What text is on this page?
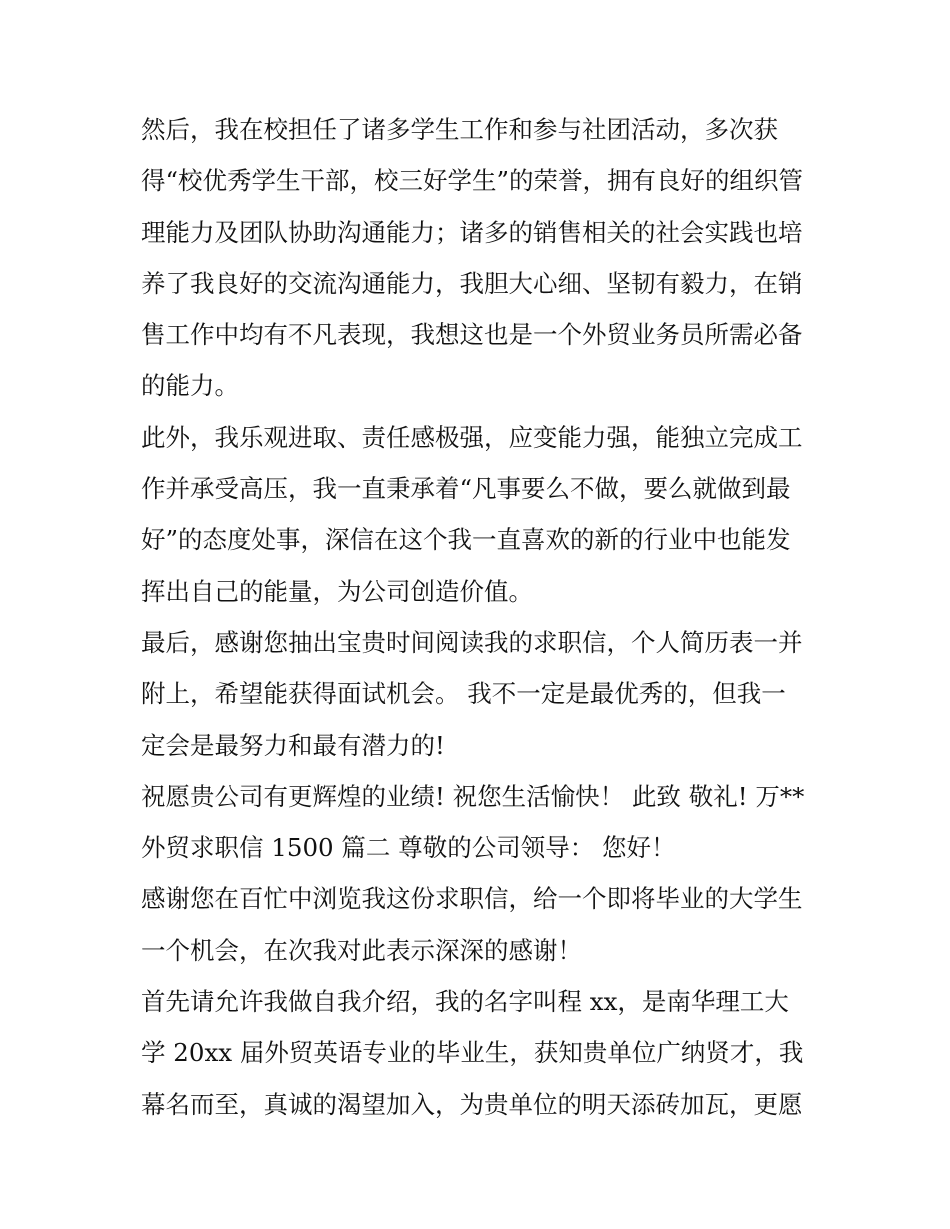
然后，我在校担任了诸多学生工作和参与社团活动，多次获

得“校优秀学生干部，校三好学生”的荣誉，拥有良好的组织管

理能力及团队协助沟通能力；诸多的销售相关的社会实践也培

养了我良好的交流沟通能力，我胆大心细、坚韧有毅力，在销

售工作中均有不凡表现，我想这也是一个外贸业务员所需必备

的能力。

此外，我乐观进取、责任感极强，应变能力强，能独立完成工

作并承受高压，我一直秉承着“凡事要么不做，要么就做到最

好”的态度处事，深信在这个我一直喜欢的新的行业中也能发

挥出自己的能量，为公司创造价值。

最后，感谢您抽出宝贵时间阅读我的求职信，个人简历表一并

附上，希望能获得面试机会。 我不一定是最优秀的，但我一

定会是最努力和最有潜力的!

祝愿贵公司有更辉煌的业绩! 祝您生活愉快！ 此致 敬礼! 万**

外贸求职信 1500 篇二 尊敬的公司领导： 您好！

感谢您在百忙中浏览我这份求职信，给一个即将毕业的大学生

一个机会，在次我对此表示深深的感谢！

首先请允许我做自我介绍，我的名字叫程 xx，是南华理工大

学 20xx 届外贸英语专业的毕业生，获知贵单位广纳贤才，我

幕名而至，真诚的渴望加入，为贵单位的明天添砖加瓦，更愿
